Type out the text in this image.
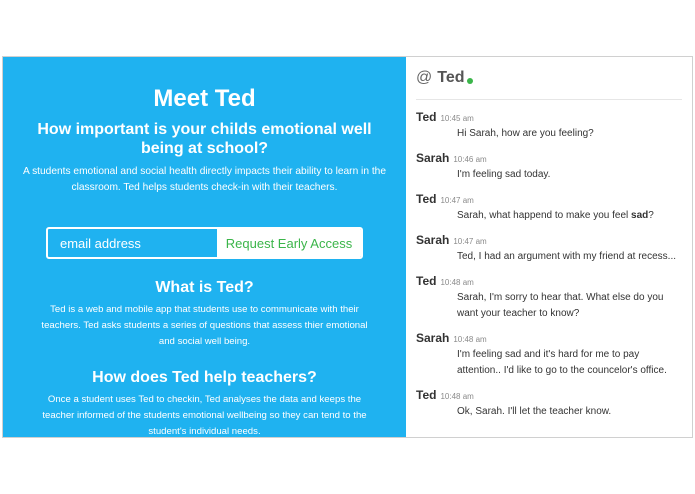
Meet Ted
How important is your childs emotional well being at school?
A students emotional and social health directly impacts their ability to learn in the classroom. Ted helps students check-in with their teachers.
email address
Request Early Access
What is Ted?
Ted is a web and mobile app that students use to communicate with their teachers. Ted asks students a series of questions that assess thier emotional and social well being.
How does Ted help teachers?
Once a student uses Ted to checkin, Ted analyses the data and keeps the teacher informed of the students emotional wellbeing so they can tend to the student's individual needs.
@ Ted
Ted 10:45 am
Hi Sarah, how are you feeling?
Sarah 10:46 am
I'm feeling sad today.
Ted 10:47 am
Sarah, what happend to make you feel sad?
Sarah 10:47 am
Ted, I had an argument with my friend at recess...
Ted 10:48 am
Sarah, I'm sorry to hear that. What else do you want your teacher to know?
Sarah 10:48 am
I'm feeling sad and it's hard for me to pay attention.. I'd like to go to the councelor's office.
Ted 10:48 am
Ok, Sarah. I'll let the teacher know.
